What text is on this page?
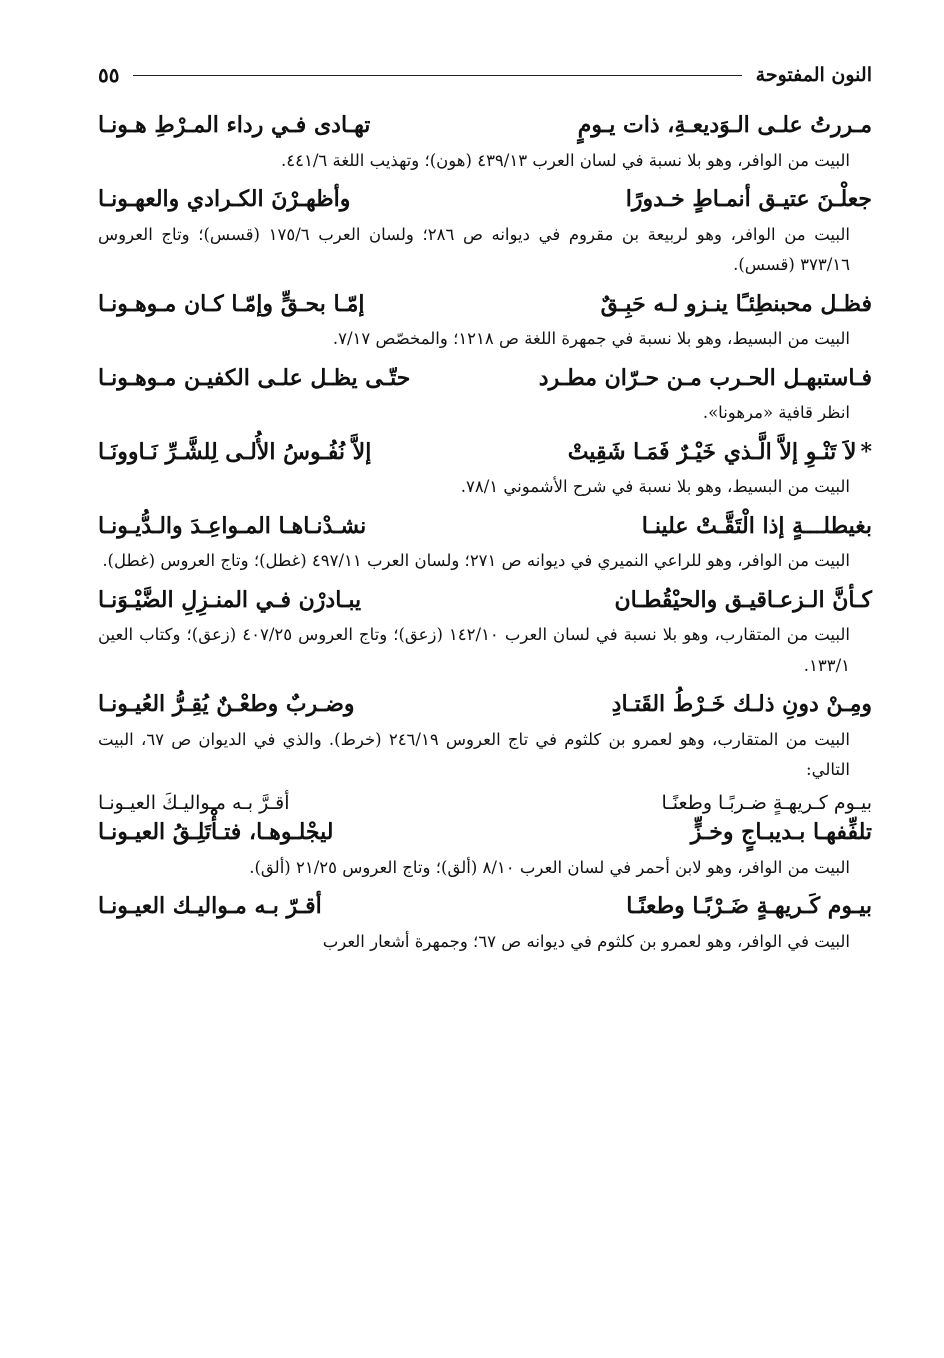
النون المفتوحة
٥٥
مـررتُ علـى الـوَديعـةِ، ذات يـومٍ
تهـادى فـي رداء المـرْطِ هـونـا

البيت من الوافر، وهو بلا نسبة في لسان العرب ٤٣٩/١٣ (هون)؛ وتهذيب اللغة ٤٤١/٦.

جعلْـنَ عتيـق أنمـاطٍ خـدورًا
وأظهـرْنَ الكـرادي والعهـونـا

البيت من الوافر، وهو لربيعة بن مقروم في ديوانه ص ٢٨٦؛ ولسان العرب ١٧٥/٦ (قسس)؛ وتاج العروس ٣٧٣/١٦ (قسس).

فظـل محبنطِئـًا ينـزو لـه حَبِـقٌ
إمّـا بحـقٍّ وإمّـا كـان مـوهـونـا

البيت من البسيط، وهو بلا نسبة في جمهرة اللغة ص ١٢١٨؛ والمخصّص ٧/١٧.

فـاستبهـل الحـرب مـن حـرّان مطـرد
حتّـى يظـل علـى الكفيـن مـوهـونـا

انظر قافية «مرهونا».

*لاَ تَنْـوِ إلاَّ الَّـذي خَيْـرٌ فَمَـا شَقِيتْ
إلاَّ نُفُـوسُ الأُلـى لِلشَّـرِّ نَـاوونَـا

البيت من البسيط، وهو بلا نسبة في شرح الأشموني ٧٨/١.

بغيطلـــةٍ إذا الْتَقَّـتْ علينـا
نشـدْنـاهـا المـواعِـدَ والـدُّيـونـا

البيت من الوافر، وهو للراعي النميري في ديوانه ص ٢٧١؛ ولسان العرب ٤٩٧/١١ (غطل)؛ وتاج العروس (غطل).

كـأنَّ الـزعـاقيـق والحيْقُطـان
يبـادرْن فـي المنـزِلِ الضَّيْـوَنـا

البيت من المتقارب، وهو بلا نسبة في لسان العرب ١٤٢/١٠ (زعق)؛ وتاج العروس ٤٠٧/٢٥ (زعق)؛ وكتاب العين ١٣٣/١.

ومِـنْ دونِ ذلـك خَـرْطُ القَتـادِ
وضـربٌ وطعْـنٌ يُقِـرُّ العُيـونـا

البيت من المتقارب، وهو لعمرو بن كلثوم في تاج العروس ٢٤٦/١٩ (خرط). والذي في الديوان ص ٦٧، البيت التالي:

بيـوم كـريهـةٍ ضـربًـا وطعنًـا
أقـرَّ بـه مـواليـكَ العيـونـا
تلفِّفهـا بـديبـاجٍ وخـزٍّ
ليجْلـوهـا، فتـأْتَلِـقُ العيـونـا

البيت من الوافر، وهو لابن أحمر في لسان العرب ٨/١٠ (ألق)؛ وتاج العروس ٢١/٢٥ (ألق).

بيـوم كَـريهـةٍ ضَـرْبًـا وطعنًـا
أقـرّ بـه مـواليـك العيـونـا

البيت في الوافر، وهو لعمرو بن كلثوم في ديوانه ص ٦٧؛ وجمهرة أشعار العرب
